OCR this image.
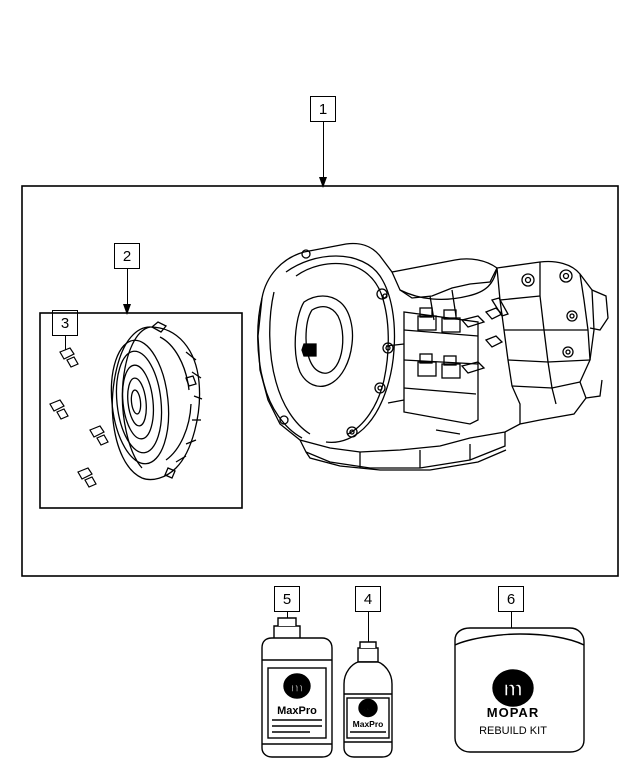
1
2
3
5	4	6
m
MaxPro	m
MaxPro
m
MOPAR
REBUILD KIT
